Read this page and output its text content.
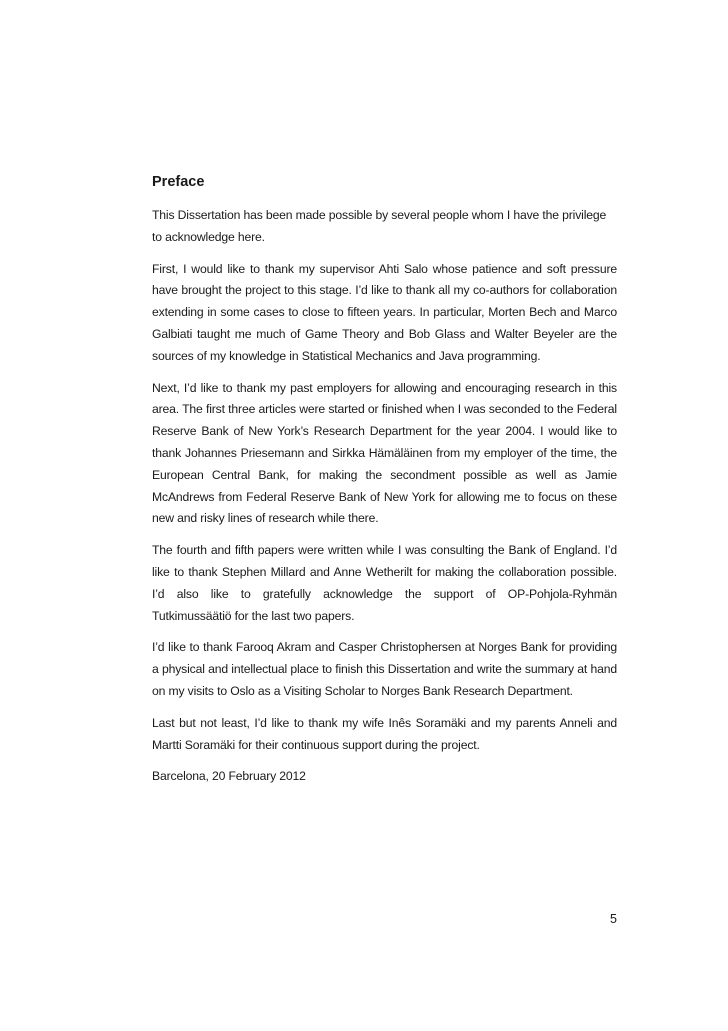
Preface

This Dissertation has been made possible by several people whom I have the privilege to acknowledge here.

First, I would like to thank my supervisor Ahti Salo whose patience and soft pressure have brought the project to this stage. I’d like to thank all my co-authors for collaboration extending in some cases to close to fifteen years. In particular, Morten Bech and Marco Galbiati taught me much of Game Theory and Bob Glass and Walter Beyeler are the sources of my knowledge in Statistical Mechanics and Java programming.

Next, I’d like to thank my past employers for allowing and encouraging research in this area. The first three articles were started or finished when I was seconded to the Federal Reserve Bank of New York’s Research Department for the year 2004. I would like to thank Johannes Priesemann and Sirkka Hämäläinen from my employer of the time, the European Central Bank, for making the secondment possible as well as Jamie McAndrews from Federal Reserve Bank of New York for allowing me to focus on these new and risky lines of research while there.

The fourth and fifth papers were written while I was consulting the Bank of England. I’d like to thank Stephen Millard and Anne Wetherilt for making the collaboration possible. I’d also like to gratefully acknowledge the support of OP-Pohjola-Ryhmän Tutkimussäätiö for the last two papers.

I’d like to thank Farooq Akram and Casper Christophersen at Norges Bank for providing a physical and intellectual place to finish this Dissertation and write the summary at hand on my visits to Oslo as a Visiting Scholar to Norges Bank Research Department.

Last but not least, I’d like to thank my wife Inês Soramäki and my parents Anneli and Martti Soramäki for their continuous support during the project.

Barcelona, 20 February 2012

5
